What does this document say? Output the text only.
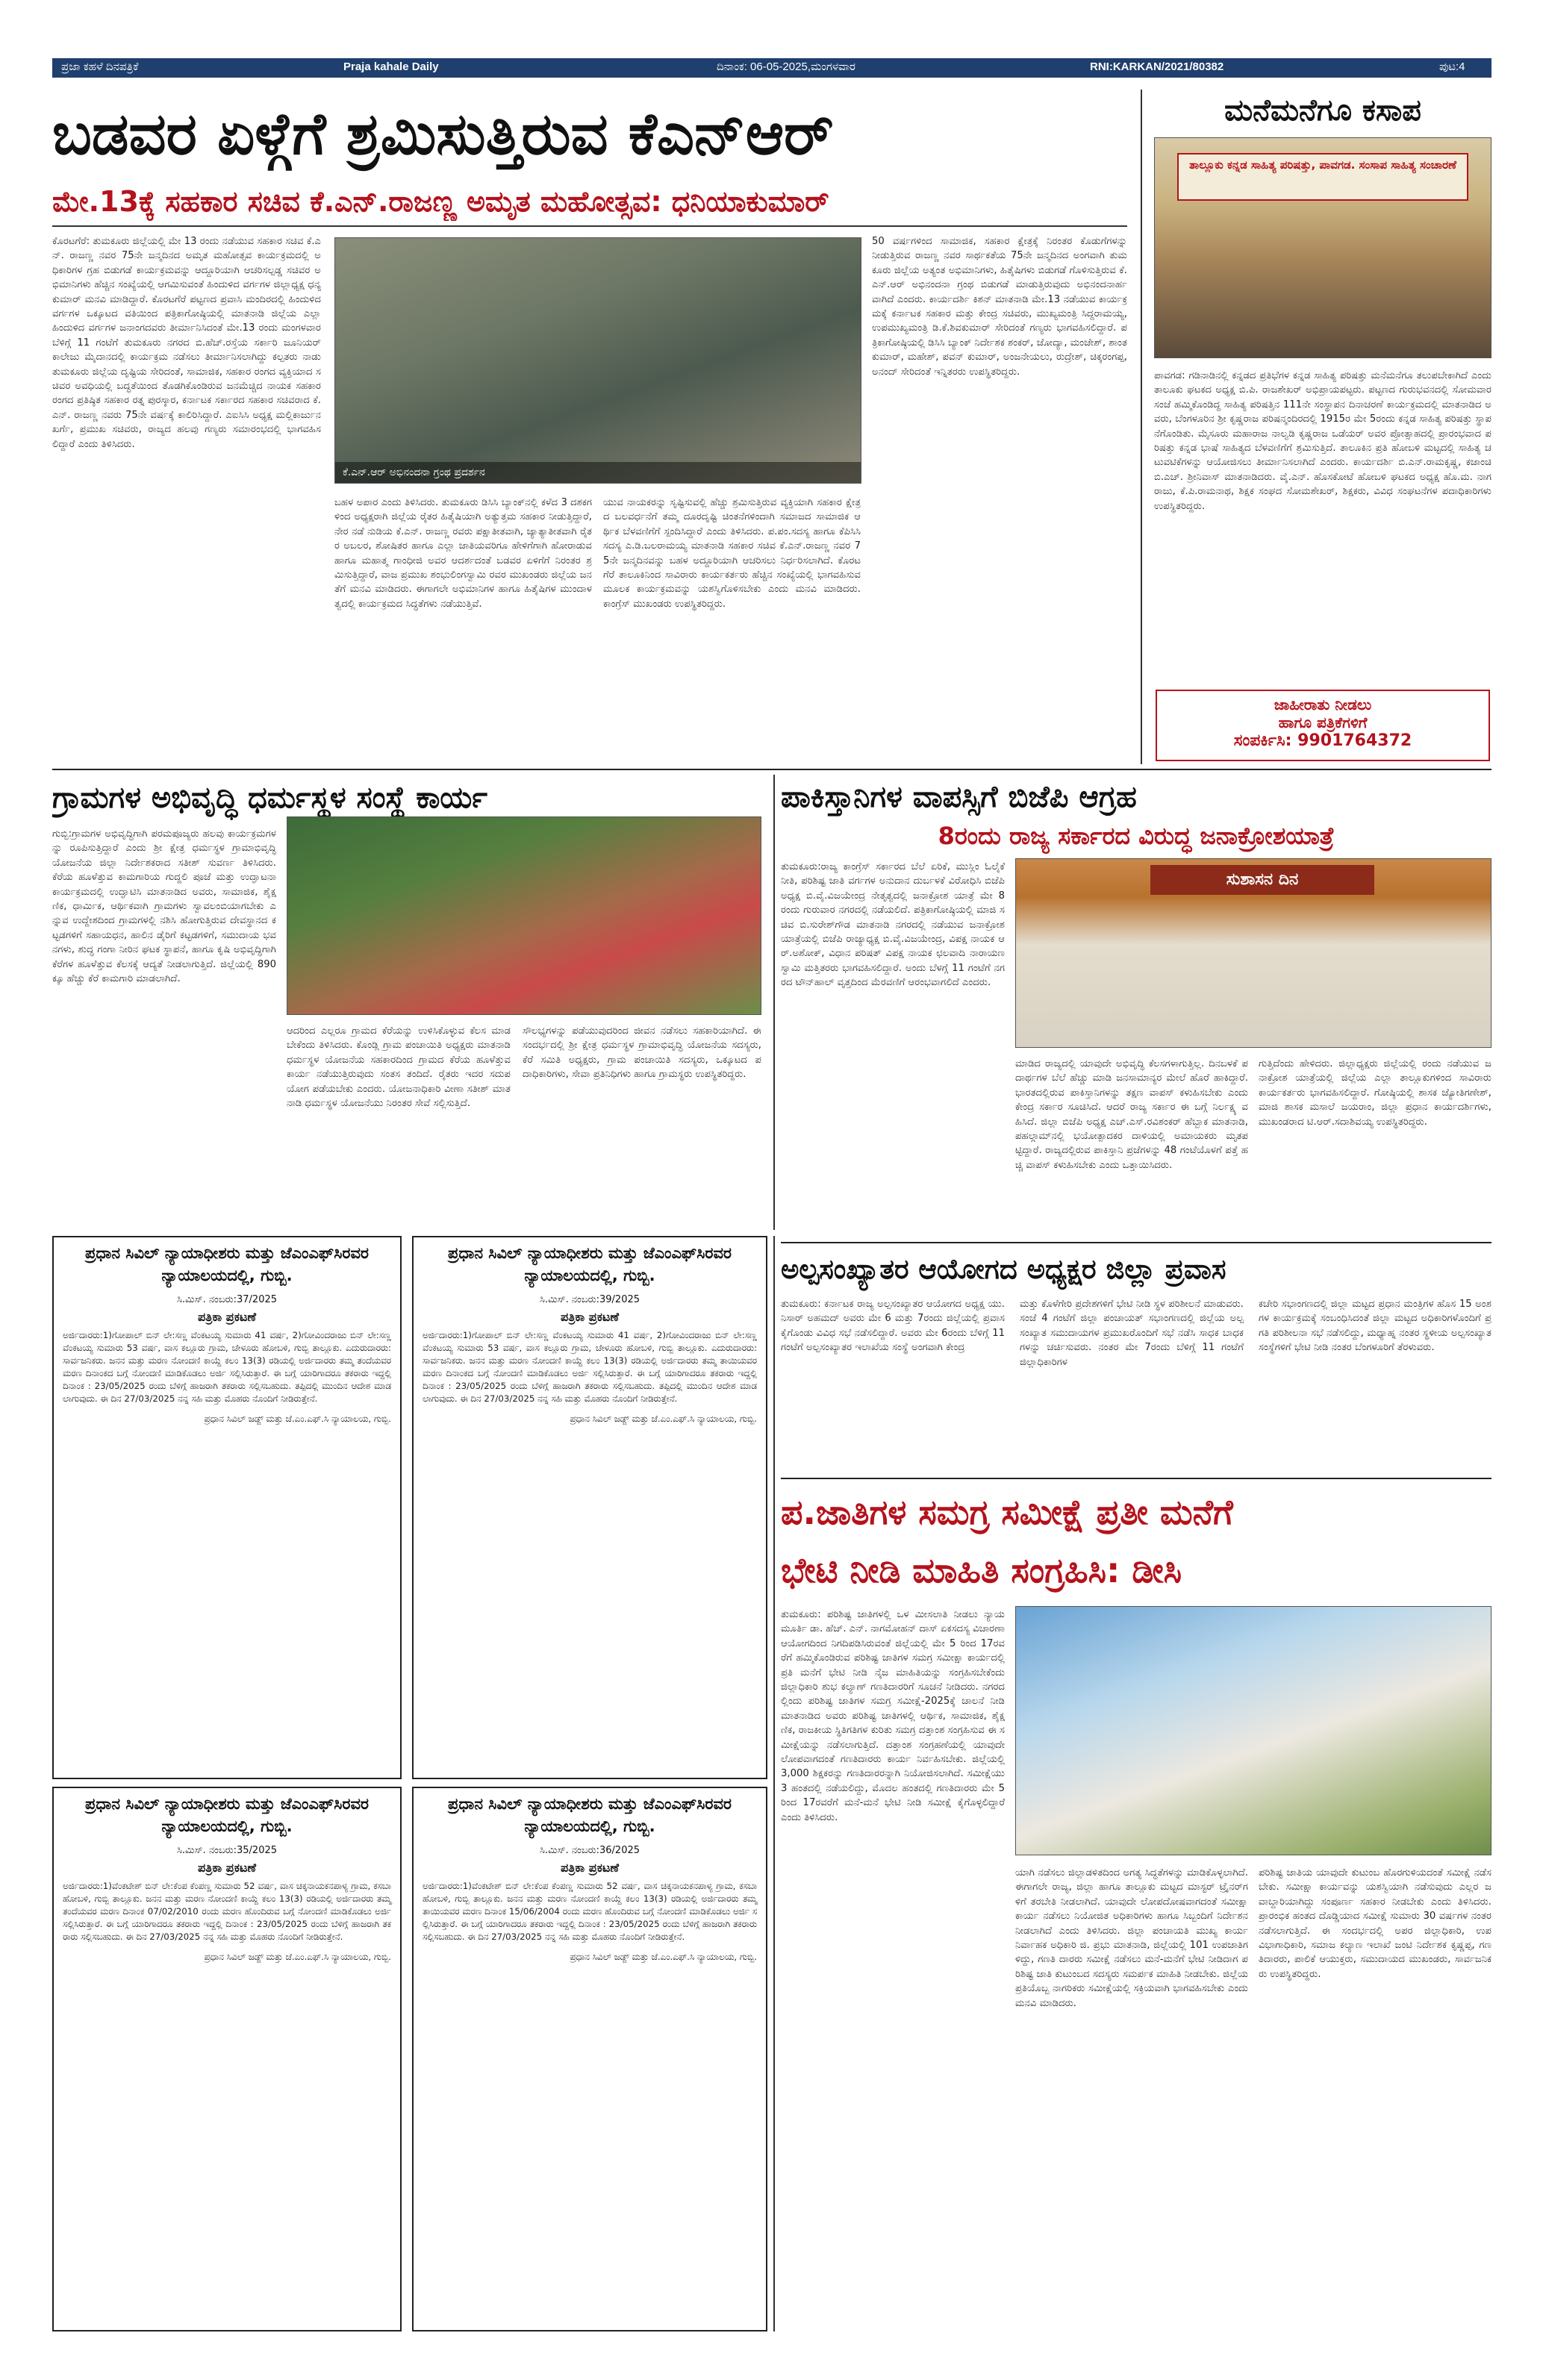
ಪ್ರಜಾ ಕಹಳೆ ದಿನಪತ್ರಿಕೆ	Praja kahale Daily	ದಿನಾಂಕ: 06-05-2025,ಮಂಗಳವಾರ	RNI:KARKAN/2021/80382	ಪುಟ:4
ಬಡವರ ಏಳ್ಗೆಗೆ ಶ್ರಮಿಸುತ್ತಿರುವ ಕೆಎನ್‌ಆರ್
ಮೇ.13ಕ್ಕೆ ಸಹಕಾರ ಸಚಿವ ಕೆ.ಎನ್.ರಾಜಣ್ಣ ಅಮೃತ ಮಹೋತ್ಸವ: ಧನಿಯಾಕುಮಾರ್
ಕೊರಟಗೆರೆ: ತುಮಕೂರು ಜಿಲ್ಲೆಯಲ್ಲಿ ಮೇ 13 ರಂದು ನಡೆಯುವ ಸಹಕಾರ ಸಚಿವ ಕೆ.ಎನ್. ರಾಜಣ್ಣ ನವರ 75ನೇ ಜನ್ಮದಿನದ ಅಮೃತ ಮಹೋತ್ಸವ ಕಾರ್ಯಕ್ರಮದಲ್ಲಿ ಅಧಿಕಾರಿಗಳ ಗ್ರಹ ಬಿಡುಗಡೆ ಕಾರ್ಯಕ್ರಮವನ್ನು ಆದ್ದೂರಿಯಾಗಿ ಆಚರಿಸಲ್ಪಡ್ಡ ಸಚಿವರ ಅಭಿಮಾನಿಗಳು ಹೆಚ್ಚಿನ ಸಂಖ್ಯೆಯಲ್ಲಿ ಆಗಮಿಸುವಂತೆ ಹಿಂದುಳಿದ ವರ್ಗಗಳ ಜಿಲ್ಲಾಧ್ಯಕ್ಷ ಧನ್ಯ ಕುಮಾರ್ ಮನವಿ ಮಾಡಿದ್ದಾರೆ. ಕೊರಟಗೆರೆ ಪಟ್ಟಣದ ಪ್ರವಾಸಿ ಮಂದಿರದಲ್ಲಿ ಹಿಂದುಳಿದ ವರ್ಗಗಳ ಒಕ್ಕೂಟದ ವತಿಯಿಂದ ಪತ್ರಿಕಾಗೋಷ್ಠಿಯಲ್ಲಿ ಮಾತನಾಡಿ ಜಿಲ್ಲೆಯ ಎಲ್ಲಾ ಹಿಂದುಳಿದ ವರ್ಗಗಳ ಜನಾಂಗದವರು ತೀರ್ಮಾನಿಸಿದಂತೆ ಮೇ.13 ರಂದು ಮಂಗಳವಾರ ಬೆಳಿಗ್ಗೆ 11 ಗಂಟೆಗೆ ತುಮಕೂರು ನಗರದ ಬಿ.ಹೆಚ್.ರಸ್ತೆಯ ಸರ್ಕಾರಿ ಜೂನಿಯರ್ ಕಾಲೇಜು ಮೈದಾನದಲ್ಲಿ ಕಾರ್ಯಕ್ರಮ ನಡೆಸಲು ತೀರ್ಮಾನಿಸಲಾಗಿದ್ದು ಕಲ್ಪತರು ನಾಡು ತುಮಕೂರು ಜಿಲ್ಲೆಯ ದೃಷ್ಟಿಯ ಸೇರಿದಂತೆ, ಸಾಮಾಜಿಕ, ಸಹಕಾರ ರಂಗದ ವ್ಯಕ್ತಿಯಾದ ಸಚಿವರ ಅವಧಿಯಲ್ಲಿ ಬದ್ಧತೆಯಿಂದ ತೊಡಗಿಕೊಂಡಿರುವ ಜನಮೆಚ್ಚಿದ ನಾಯಕ ಸಹಕಾರ ರಂಗದ ಪ್ರತಿಷ್ಠಿತ ಸಹಕಾರ ರತ್ನ ಪುರಸ್ಕಾರ, ಕರ್ನಾಟಕ ಸರ್ಕಾರದ ಸಹಕಾರ ಸಚಿವರಾದ ಕೆ.ಎನ್. ರಾಜಣ್ಣ ನವರು 75ನೇ ವರ್ಷಕ್ಕೆ ಕಾಲಿರಿಸಿದ್ದಾರೆ. ಎಐಸಿಸಿ ಅಧ್ಯಕ್ಷ ಮಲ್ಲಿಕಾರ್ಜುನ ಖರ್ಗೆ, ಪ್ರಮುಖ ಸಚಿವರು, ರಾಜ್ಯದ ಹಲವು ಗಣ್ಯರು ಸಮಾರಂಭದಲ್ಲಿ ಭಾಗವಹಿಸಲಿದ್ದಾರೆ ಎಂದು ತಿಳಿಸಿದರು.
ಕೆ.ಎನ್.ಆರ್ ಅಭಿನಂದನಾ ಗ್ರಂಥ ಪ್ರದರ್ಶನ
ಬಹಳ ಅಪಾರ ಎಂದು ತಿಳಿಸಿದರು. ತುಮಕೂರು ಡಿಸಿಸಿ ಬ್ಯಾಂಕ್‌ನಲ್ಲಿ ಕಳೆದ 3 ದಶಕಗಳಿಂದ ಅಧ್ಯಕ್ಷರಾಗಿ ಜಿಲ್ಲೆಯ ರೈತರ ಹಿತೈಷಿಯಾಗಿ ಅತ್ಯುತ್ತಮ ಸಹಕಾರ ನೀಡುತ್ತಿದ್ದಾರೆ, ನೇರ ನಡೆ ನುಡಿಯ ಕೆ.ಎನ್. ರಾಜಣ್ಣ ರವರು ಪಕ್ಷಾತೀತವಾಗಿ, ಜ್ಯಾತ್ಯಾತೀತವಾಗಿ ರೈತರ ಅಬಲರ, ಶೋಷಿತರ ಹಾಗೂ ಎಲ್ಲಾ ಜಾತಿಯವರಿಗೂ ಹೇಳಿಗೆಗಾಗಿ ಹೋರಾಡುವ ಹಾಗೂ ಮಹಾತ್ಮ ಗಾಂಧೀಜಿ ಅವರ ಆದರ್ಶದಂತೆ ಬಡವರ ಏಳಿಗೆಗೆ ನಿರಂತರ ಶ್ರಮಿಸುತ್ತಿದ್ದಾರೆ, ವಾಜ ಪ್ರಮುಖ ಶಂಭುಲಿಂಗಸ್ವಾಮಿ ರವರ ಮುಖಂಡರು ಜಿಲ್ಲೆಯ ಜನತೆಗೆ ಮನವಿ ಮಾಡಿದರು. ಈಗಾಗಲೇ ಅಭಿಮಾನಿಗಳ ಹಾಗೂ ಹಿತೈಷಿಗಳ ಮುಂದಾಳತ್ವದಲ್ಲಿ ಕಾರ್ಯಕ್ರಮದ ಸಿದ್ಧತೆಗಳು ನಡೆಯುತ್ತಿವೆ.
ಯುವ ನಾಯಕರನ್ನು ಸೃಷ್ಟಿಸುವಲ್ಲಿ ಹೆಚ್ಚು ಶ್ರಮಿಸುತ್ತಿರುವ ವ್ಯಕ್ತಿಯಾಗಿ ಸಹಕಾರ ಕ್ಷೇತ್ರದ ಬಲವರ್ಧನೆಗೆ ತಮ್ಮ ದೂರದೃಷ್ಟಿ ಚಿಂತನೆಗಳಿಂದಾಗಿ ಸಮಾಜದ ಸಾಮಾಜಿಕ ಆರ್ಥಿಕ ಬೆಳವಣಿಗೆಗೆ ಸ್ಪಂದಿಸಿದ್ದಾರೆ ಎಂದು ತಿಳಿಸಿದರು. ಪ.ಪಂ.ಸದಸ್ಯ ಹಾಗೂ ಕೆಪಿಸಿಸಿ ಸದಸ್ಯ ಎ.ಡಿ.ಬಲರಾಮಯ್ಯ ಮಾತನಾಡಿ ಸಹಕಾರ ಸಚಿವ ಕೆ.ಎನ್.ರಾಜಣ್ಣ ನವರ 75ನೇ ಜನ್ಮದಿನವನ್ನು ಬಹಳ ಅದ್ದೂರಿಯಾಗಿ ಆಚರಿಸಲು ನಿರ್ಧರಿಸಲಾಗಿದೆ. ಕೊರಟಗೆರೆ ತಾಲೂಕಿನಿಂದ ಸಾವಿರಾರು ಕಾರ್ಯಕರ್ತರು ಹೆಚ್ಚಿನ ಸಂಖ್ಯೆಯಲ್ಲಿ ಭಾಗವಹಿಸುವ ಮೂಲಕ ಕಾರ್ಯಕ್ರಮವನ್ನು ಯಶಸ್ವಿಗೊಳಿಸಬೇಕು ಎಂದು ಮನವಿ ಮಾಡಿದರು. ಕಾಂಗ್ರೆಸ್ ಮುಖಂಡರು ಉಪಸ್ಥಿತರಿದ್ದರು.
50 ವರ್ಷಗಳಿಂದ ಸಾಮಾಜಿಕ, ಸಹಕಾರ ಕ್ಷೇತ್ರಕ್ಕೆ ನಿರಂತರ ಕೊಡುಗೆಗಳನ್ನು ನೀಡುತ್ತಿರುವ ರಾಜಣ್ಣ ನವರ ಸಾರ್ಥಕತೆಯ 75ನೇ ಜನ್ಮದಿನದ ಅಂಗವಾಗಿ ತುಮಕೂರು ಜಿಲ್ಲೆಯ ಅತ್ಯಂತ ಅಭಿಮಾನಿಗಳು, ಹಿತೈಷಿಗಳು ಬಿಡುಗಡೆ ಗೊಳಿಸುತ್ತಿರುವ ಕೆ.ಎನ್.ಆರ್ ಅಭಿನಂದನಾ ಗ್ರಂಥ ಬಿಡುಗಡೆ ಮಾಡುತ್ತಿರುವುದು ಅಭಿನಂದನಾರ್ಹವಾಗಿದೆ ಎಂದರು. ಕಾರ್ಯದರ್ಶಿ ಕಿಶನ್ ಮಾತನಾಡಿ ಮೇ.13 ನಡೆಯುವ ಕಾರ್ಯಕ್ರಮಕ್ಕೆ ಕರ್ನಾಟಕ ಸಹಕಾರ ಮತ್ತು ಕೇಂದ್ರ ಸಚಿವರು, ಮುಖ್ಯಮಂತ್ರಿ ಸಿದ್ದರಾಮಯ್ಯ, ಉಪಮುಖ್ಯಮಂತ್ರಿ ಡಿ.ಕೆ.ಶಿವಕುಮಾರ್ ಸೇರಿದಂತೆ ಗಣ್ಯರು ಭಾಗವಹಿಸಲಿದ್ದಾರೆ. ಪತ್ರಿಕಾಗೋಷ್ಠಿಯಲ್ಲಿ ಡಿಸಿಸಿ ಬ್ಯಾಂಕ್ ನಿರ್ದೇಶಕ ಶಂಕರ್, ಜೋದ್ಯಾ, ಮಂಜೇಶ್, ಶಾಂತ ಕುಮಾರ್, ಮಹೇಶ್, ಪವನ್ ಕುಮಾರ್, ಅಂಜನೇಯಲು, ರುದ್ರೇಶ್, ಚಿಕ್ಕರಂಗಪ್ಪ, ಅನಂದ್ ಸೇರಿದಂತೆ ಇನ್ನಿತರರು ಉಪಸ್ಥಿತರಿದ್ದರು.
ಮನೆಮನೆಗೂ ಕಸಾಪ
ತಾಲ್ಲೂಕು ಕನ್ನಡ ಸಾಹಿತ್ಯ ಪರಿಷತ್ತು, ಪಾವಗಡ. ಸಂಸಾಪ ಸಾಹಿತ್ಯ ಸಂಚಾರಣೆ
ಪಾವಗಡ: ಗಡಿನಾಡಿನಲ್ಲಿ ಕನ್ನಡದ ಪ್ರತಿಭೆಗಳ ಕನ್ನಡ ಸಾಹಿತ್ಯ ಪರಿಷತ್ತು ಮನೆಮನೆಗೂ ತಲುಪಬೇಕಾಗಿದೆ ಎಂದು ತಾಲೂಕು ಘಟಕದ ಅಧ್ಯಕ್ಷ ಬಿ.ಪಿ. ರಾಜಶೇಖರ್ ಅಭಿಪ್ರಾಯಪಟ್ಟರು. ಪಟ್ಟಣದ ಗುರುಭವನದಲ್ಲಿ ಸೋಮವಾರ ಸಂಜೆ ಹಮ್ಮಿಕೊಂಡಿದ್ದ ಸಾಹಿತ್ಯ ಪರಿಷತ್ತಿನ 111ನೇ ಸಂಸ್ಥಾಪನ ದಿನಾಚರಣೆ ಕಾರ್ಯಕ್ರಮದಲ್ಲಿ ಮಾತನಾಡಿದ ಅವರು, ಬೆಂಗಳೂರಿನ ಶ್ರೀ ಕೃಷ್ಣರಾಜ ಪರಿಷನ್ಮಂದಿರದಲ್ಲಿ 1915ರ ಮೇ 5ರಂದು ಕನ್ನಡ ಸಾಹಿತ್ಯ ಪರಿಷತ್ತು ಸ್ಥಾಪನೆಗೊಂಡಿತು. ಮೈಸೂರು ಮಹಾರಾಜ ನಾಲ್ವಡಿ ಕೃಷ್ಣರಾಜ ಒಡೆಯರ್ ಅವರ ಪ್ರೋತ್ಸಾಹದಲ್ಲಿ ಪ್ರಾರಂಭವಾದ ಪರಿಷತ್ತು ಕನ್ನಡ ಭಾಷೆ ಸಾಹಿತ್ಯದ ಬೆಳವಣಿಗೆಗೆ ಶ್ರಮಿಸುತ್ತಿದೆ. ತಾಲೂಕಿನ ಪ್ರತಿ ಹೋಬಳಿ ಮಟ್ಟದಲ್ಲಿ ಸಾಹಿತ್ಯ ಚಟುವಟಿಕೆಗಳನ್ನು ಆಯೋಜಿಸಲು ತೀರ್ಮಾನಿಸಲಾಗಿದೆ ಎಂದರು. ಕಾರ್ಯದರ್ಶಿ ಬಿ.ಎನ್.ರಾಮಕೃಷ್ಣ, ಕಜಾಂಚಿ ಬಿ.ಎಚ್. ಶ್ರೀನಿವಾಸ್ ಮಾತನಾಡಿದರು. ವೈ.ಎನ್. ಹೊಸಕೋಟೆ ಹೋಬಳಿ ಘಟಕದ ಅಧ್ಯಕ್ಷ ಹೊ.ಮ. ನಾಗರಾಜು, ಕೆ.ಪಿ.ರಾಮನಾಥ, ಶಿಕ್ಷಕ ಸಂಘದ ಸೋಮಶೇಖರ್, ಶಿಕ್ಷಕರು, ವಿವಿಧ ಸಂಘಟನೆಗಳ ಪದಾಧಿಕಾರಿಗಳು ಉಪಸ್ಥಿತರಿದ್ದರು.
ಜಾಹೀರಾತು ನೀಡಲು
ಹಾಗೂ ಪತ್ರಿಕೆಗಳಿಗೆ
ಸಂಪರ್ಕಿಸಿ: 9901764372
ಗ್ರಾಮಗಳ ಅಭಿವೃದ್ಧಿ ಧರ್ಮಸ್ಥಳ ಸಂಸ್ಥೆ ಕಾರ್ಯ
ಗುಬ್ಬಿ:ಗ್ರಾಮಗಳ ಅಭಿವೃದ್ಧಿಗಾಗಿ ಪರಮಪೂಜ್ಯರು ಹಲವು ಕಾರ್ಯಕ್ರಮಗಳನ್ನು ರೂಪಿಸುತ್ತಿದ್ದಾರೆ ಎಂದು ಶ್ರೀ ಕ್ಷೇತ್ರ ಧರ್ಮಸ್ಥಳ ಗ್ರಾಮಾಭಿವೃದ್ಧಿ ಯೋಜನೆಯ ಜಿಲ್ಲಾ ನಿರ್ದೇಶಕರಾದ ಸತೀಶ್ ಸುವರ್ಣ ತಿಳಿಸಿದರು. ಕೆರೆಯ ಹೂಳೆತ್ತುವ ಕಾಮಗಾರಿಯ ಗುದ್ದಲಿ ಪೂಜೆ ಮತ್ತು ಉದ್ಘಾಟನಾ ಕಾರ್ಯಕ್ರಮದಲ್ಲಿ ಉದ್ಘಾಟಿಸಿ ಮಾತನಾಡಿದ ಅವರು, ಸಾಮಾಜಿಕ, ಶೈಕ್ಷಣಿಕ, ಧಾರ್ಮಿಕ, ಆರ್ಥಿಕವಾಗಿ ಗ್ರಾಮಗಳು ಸ್ವಾವಲಂಬಿಯಾಗಬೇಕು ಎನ್ನುವ ಉದ್ದೇಶದಿಂದ ಗ್ರಾಮಗಳಲ್ಲಿ ನಶಿಸಿ ಹೋಗುತ್ತಿರುವ ದೇವಸ್ಥಾನದ ಕಟ್ಟಡಗಳಿಗೆ ಸಹಾಯಧನ, ಹಾಲಿನ ಡೈರಿಗೆ ಕಟ್ಟಡಗಳಿಗೆ, ಸಮುದಾಯ ಭವನಗಳು, ಶುದ್ಧ ಗಂಗಾ ನೀರಿನ ಘಟಕ ಸ್ಥಾಪನೆ, ಹಾಗೂ ಕೃಷಿ ಅಭಿವೃದ್ಧಿಗಾಗಿ ಕೆರೆಗಳ ಹೂಳೆತ್ತುವ ಕೆಲಸಕ್ಕೆ ಆದ್ಯತೆ ನೀಡಲಾಗುತ್ತಿದೆ. ಜಿಲ್ಲೆಯಲ್ಲಿ 890 ಕ್ಕೂ ಹೆಚ್ಚು ಕೆರೆ ಕಾಮಗಾರಿ ಮಾಡಲಾಗಿದೆ.
ಆದರಿಂದ ಎಲ್ಲರೂ ಗ್ರಾಮದ ಕೆರೆಯನ್ನು ಉಳಿಸಿಕೊಳ್ಳುವ ಕೆಲಸ ಮಾಡಬೇಕೆಂದು ತಿಳಿಸಿದರು. ಕೊಂಡ್ಲಿ ಗ್ರಾಮ ಪಂಚಾಯಿತಿ ಅಧ್ಯಕ್ಷರು ಮಾತನಾಡಿ ಧರ್ಮಸ್ಥಳ ಯೋಜನೆಯ ಸಹಕಾರದಿಂದ ಗ್ರಾಮದ ಕೆರೆಯ ಹೂಳೆತ್ತುವ ಕಾರ್ಯ ನಡೆಯುತ್ತಿರುವುದು ಸಂತಸ ತಂದಿದೆ. ರೈತರು ಇದರ ಸದುಪಯೋಗ ಪಡೆಯಬೇಕು ಎಂದರು. ಯೋಜನಾಧಿಕಾರಿ ವೀಣಾ ಸತೀಶ್ ಮಾತನಾಡಿ ಧರ್ಮಸ್ಥಳ ಯೋಜನೆಯು ನಿರಂತರ ಸೇವೆ ಸಲ್ಲಿಸುತ್ತಿದೆ.
ಸೌಲಭ್ಯಗಳನ್ನು ಪಡೆಯುವುದರಿಂದ ಜೀವನ ನಡೆಸಲು ಸಹಕಾರಿಯಾಗಿದೆ. ಈ ಸಂದರ್ಭದಲ್ಲಿ ಶ್ರೀ ಕ್ಷೇತ್ರ ಧರ್ಮಸ್ಥಳ ಗ್ರಾಮಾಭಿವೃದ್ಧಿ ಯೋಜನೆಯ ಸದಸ್ಯರು, ಕೆರೆ ಸಮಿತಿ ಅಧ್ಯಕ್ಷರು, ಗ್ರಾಮ ಪಂಚಾಯಿತಿ ಸದಸ್ಯರು, ಒಕ್ಕೂಟದ ಪದಾಧಿಕಾರಿಗಳು, ಸೇವಾ ಪ್ರತಿನಿಧಿಗಳು ಹಾಗೂ ಗ್ರಾಮಸ್ಥರು ಉಪಸ್ಥಿತರಿದ್ದರು.
ಪಾಕಿಸ್ತಾನಿಗಳ ವಾಪಸ್ಸಿಗೆ ಬಿಜೆಪಿ ಆಗ್ರಹ
8ರಂದು ರಾಜ್ಯ ಸರ್ಕಾರದ ವಿರುದ್ಧ ಜನಾಕ್ರೋಶಯಾತ್ರೆ
ತುಮಕೂರು:ರಾಜ್ಯ ಕಾಂಗ್ರೆಸ್ ಸರ್ಕಾರದ ಬೆಲೆ ಏರಿಕೆ, ಮುಸ್ಲಿಂ ಓಲೈಕೆ ನೀತಿ, ಪರಿಶಿಷ್ಟ ಜಾತಿ ವರ್ಗಗಳ ಅನುದಾನ ದುರ್ಬಳಕೆ ವಿರೋಧಿಸಿ ಬಿಜೆಪಿ ಅಧ್ಯಕ್ಷ ಬಿ.ವೈ.ವಿಜಯೇಂದ್ರ ನೇತೃತ್ವದಲ್ಲಿ ಜನಾಕ್ರೋಶ ಯಾತ್ರೆ ಮೇ 8ರಂದು ಗುರುವಾರ ನಗರದಲ್ಲಿ ನಡೆಯಲಿದೆ. ಪತ್ರಿಕಾಗೋಷ್ಠಿಯಲ್ಲಿ ಮಾಜಿ ಸಚಿವ ಬಿ.ಸುರೇಶ್‌ಗೌಡ ಮಾತನಾಡಿ ನಗರದಲ್ಲಿ ನಡೆಯುವ ಜನಾಕ್ರೋಶ ಯಾತ್ರೆಯಲ್ಲಿ ಬಿಜೆಪಿ ರಾಜ್ಯಾಧ್ಯಕ್ಷ ಬಿ.ವೈ.ವಿಜಯೇಂದ್ರ, ವಿಪಕ್ಷ ನಾಯಕ ಆರ್.ಅಶೋಕ್, ವಿಧಾನ ಪರಿಷತ್ ವಿಪಕ್ಷ ನಾಯಕ ಛಲವಾದಿ ನಾರಾಯಣಸ್ವಾಮಿ ಮತ್ತಿತರರು ಭಾಗವಹಿಸಲಿದ್ದಾರೆ. ಅಂದು ಬೆಳಗ್ಗೆ 11 ಗಂಟೆಗೆ ನಗರದ ಟೌನ್‌ಹಾಲ್ ವೃತ್ತದಿಂದ ಮೆರವಣಿಗೆ ಆರಂಭವಾಗಲಿದೆ ಎಂದರು.
ಸುಶಾಸನ ದಿನ
ಮಾಡಿದ ರಾಜ್ಯದಲ್ಲಿ ಯಾವುದೇ ಅಭಿವೃದ್ಧಿ ಕೆಲಸಗಳಾಗುತ್ತಿಲ್ಲ. ದಿನಬಳಕೆ ಪದಾರ್ಥಗಳ ಬೆಲೆ ಹೆಚ್ಚು ಮಾಡಿ ಜನಸಾಮಾನ್ಯರ ಮೇಲೆ ಹೊರೆ ಹಾಕಿದ್ದಾರೆ. ಭಾರತದಲ್ಲಿರುವ ಪಾಕಿಸ್ತಾನಿಗಳನ್ನು ತಕ್ಷಣ ವಾಪಸ್ ಕಳುಹಿಸಬೇಕು ಎಂದು ಕೇಂದ್ರ ಸರ್ಕಾರ ಸೂಚಿಸಿದೆ. ಆದರೆ ರಾಜ್ಯ ಸರ್ಕಾರ ಈ ಬಗ್ಗೆ ನಿರ್ಲಕ್ಷ್ಯ ವಹಿಸಿದೆ. ಜಿಲ್ಲಾ ಬಿಜೆಪಿ ಅಧ್ಯಕ್ಷ ಎಚ್.ಎಸ್.ರವಿಶಂಕರ್ ಹೆಬ್ಬಾಕ ಮಾತನಾಡಿ, ಪಹಲ್ಗಾಮ್‌ನಲ್ಲಿ ಭಯೋತ್ಪಾದಕರ ದಾಳಿಯಲ್ಲಿ ಅಮಾಯಕರು ಮೃತಪಟ್ಟಿದ್ದಾರೆ. ರಾಜ್ಯದಲ್ಲಿರುವ ಪಾಕಿಸ್ತಾನಿ ಪ್ರಜೆಗಳನ್ನು 48 ಗಂಟೆಯೊಳಗೆ ಪತ್ತೆ ಹಚ್ಚಿ ವಾಪಸ್ ಕಳುಹಿಸಬೇಕು ಎಂದು ಒತ್ತಾಯಿಸಿದರು.
ಗುತ್ತಿದೆಂದು ಹೇಳಿದರು. ಜಿಲ್ಲಾಧ್ಯಕ್ಷರು ಜಿಲ್ಲೆಯಲ್ಲಿ ರಂದು ನಡೆಯುವ ಜನಾಕ್ರೋಶ ಯಾತ್ರೆಯಲ್ಲಿ ಜಿಲ್ಲೆಯ ಎಲ್ಲಾ ತಾಲ್ಲೂಕುಗಳಿಂದ ಸಾವಿರಾರು ಕಾರ್ಯಕರ್ತರು ಭಾಗವಹಿಸಲಿದ್ದಾರೆ. ಗೋಷ್ಠಿಯಲ್ಲಿ ಶಾಸಕ ಜ್ಯೋತಿಗಣೇಶ್, ಮಾಜಿ ಶಾಸಕ ಮಸಾಲೆ ಜಯರಾಂ, ಜಿಲ್ಲಾ ಪ್ರಧಾನ ಕಾರ್ಯದರ್ಶಿಗಳು, ಮುಖಂಡರಾದ ಟಿ.ಆರ್.ಸದಾಶಿವಯ್ಯ ಉಪಸ್ಥಿತರಿದ್ದರು.
ಪ್ರಧಾನ ಸಿವಿಲ್ ನ್ಯಾಯಾಧೀಶರು ಮತ್ತು ಜೆಎಂಎಫ್‌ಸಿರವರ ನ್ಯಾಯಾಲಯದಲ್ಲಿ, ಗುಬ್ಬಿ.
ಸಿ.ಮಿಸ್. ನಂಬರು:37/2025
ಪತ್ರಿಕಾ ಪ್ರಕಟಣೆ
ಅರ್ಜಿದಾರರು:1)ಗೋಪಾಲ್ ಬಿನ್ ಲೇ:ಸಣ್ಣ ವೆಂಕಟಯ್ಯ ಸುಮಾರು 41 ವರ್ಷ, 2)ಗೋವಿಂದರಾಜು ಬಿನ್ ಲೇ:ಸಣ್ಣ ವೆಂಕಟಯ್ಯ ಸುಮಾರು 53 ವರ್ಷ, ವಾಸ ಕಲ್ಲೂರು ಗ್ರಾಮ, ಚೇಳೂರು ಹೋಬಳಿ, ಗುಬ್ಬಿ ತಾಲ್ಲೂಕು. ಎದುರುದಾರರು: ಸಾರ್ವಜನಿಕರು. ಜನನ ಮತ್ತು ಮರಣ ನೋಂದಣಿ ಕಾಯ್ದೆ ಕಲಂ 13(3) ರಡಿಯಲ್ಲಿ ಅರ್ಜಿದಾರರು ತಮ್ಮ ತಂದೆಯವರ ಮರಣ ದಿನಾಂಕದ ಬಗ್ಗೆ ನೋಂದಣಿ ಮಾಡಿಕೊಡಲು ಅರ್ಜಿ ಸಲ್ಲಿಸಿರುತ್ತಾರೆ. ಈ ಬಗ್ಗೆ ಯಾರಿಗಾದರೂ ತಕರಾರು ಇದ್ದಲ್ಲಿ ದಿನಾಂಕ : 23/05/2025 ರಂದು ಬೆಳಿಗ್ಗೆ ಹಾಜರಾಗಿ ತಕರಾರು ಸಲ್ಲಿಸಬಹುದು. ತಪ್ಪಿದಲ್ಲಿ ಮುಂದಿನ ಆದೇಶ ಮಾಡಲಾಗುವುದು. ಈ ದಿನ 27/03/2025 ನನ್ನ ಸಹಿ ಮತ್ತು ಮೊಹರು ನೊಂದಿಗೆ ನೀಡಿರುತ್ತೇನೆ.
ಪ್ರಧಾನ ಸಿವಿಲ್ ಜಡ್ಜ್ ಮತ್ತು ಜೆ.ಎಂ.ಎಫ್.ಸಿ ನ್ಯಾಯಾಲಯ, ಗುಬ್ಬಿ.
ಪ್ರಧಾನ ಸಿವಿಲ್ ನ್ಯಾಯಾಧೀಶರು ಮತ್ತು ಜೆಎಂಎಫ್‌ಸಿರವರ ನ್ಯಾಯಾಲಯದಲ್ಲಿ, ಗುಬ್ಬಿ.
ಸಿ.ಮಿಸ್. ನಂಬರು:39/2025
ಪತ್ರಿಕಾ ಪ್ರಕಟಣೆ
ಅರ್ಜಿದಾರರು:1)ಗೋಪಾಲ್ ಬಿನ್ ಲೇ:ಸಣ್ಣ ವೆಂಕಟಯ್ಯ ಸುಮಾರು 41 ವರ್ಷ, 2)ಗೋವಿಂದರಾಜು ಬಿನ್ ಲೇ:ಸಣ್ಣ ವೆಂಕಟಯ್ಯ ಸುಮಾರು 53 ವರ್ಷ, ವಾಸ ಕಲ್ಲೂರು ಗ್ರಾಮ, ಚೇಳೂರು ಹೋಬಳಿ, ಗುಬ್ಬಿ ತಾಲ್ಲೂಕು. ಎದುರುದಾರರು: ಸಾರ್ವಜನಿಕರು. ಜನನ ಮತ್ತು ಮರಣ ನೋಂದಣಿ ಕಾಯ್ದೆ ಕಲಂ 13(3) ರಡಿಯಲ್ಲಿ ಅರ್ಜಿದಾರರು ತಮ್ಮ ತಾಯಿಯವರ ಮರಣ ದಿನಾಂಕದ ಬಗ್ಗೆ ನೋಂದಣಿ ಮಾಡಿಕೊಡಲು ಅರ್ಜಿ ಸಲ್ಲಿಸಿರುತ್ತಾರೆ. ಈ ಬಗ್ಗೆ ಯಾರಿಗಾದರೂ ತಕರಾರು ಇದ್ದಲ್ಲಿ ದಿನಾಂಕ : 23/05/2025 ರಂದು ಬೆಳಿಗ್ಗೆ ಹಾಜರಾಗಿ ತಕರಾರು ಸಲ್ಲಿಸಬಹುದು. ತಪ್ಪಿದಲ್ಲಿ ಮುಂದಿನ ಆದೇಶ ಮಾಡಲಾಗುವುದು. ಈ ದಿನ 27/03/2025 ನನ್ನ ಸಹಿ ಮತ್ತು ಮೊಹರು ನೊಂದಿಗೆ ನೀಡಿರುತ್ತೇನೆ.
ಪ್ರಧಾನ ಸಿವಿಲ್ ಜಡ್ಜ್ ಮತ್ತು ಜೆ.ಎಂ.ಎಫ್.ಸಿ ನ್ಯಾಯಾಲಯ, ಗುಬ್ಬಿ.
ಪ್ರಧಾನ ಸಿವಿಲ್ ನ್ಯಾಯಾಧೀಶರು ಮತ್ತು ಜೆಎಂಎಫ್‌ಸಿರವರ ನ್ಯಾಯಾಲಯದಲ್ಲಿ, ಗುಬ್ಬಿ.
ಸಿ.ಮಿಸ್. ನಂಬರು:35/2025
ಪತ್ರಿಕಾ ಪ್ರಕಟಣೆ
ಅರ್ಜಿದಾರರು:1)ವೆಂಕಟೇಶ್ ಬಿನ್ ಲೇ:ಕೆಂಪ ಕೆಂಪಣ್ಣ ಸುಮಾರು 52 ವರ್ಷ, ವಾಸ ಚಿಕ್ಕನಾಯಕನಪಾಳ್ಯ ಗ್ರಾಮ, ಕಸಬಾ ಹೋಬಳಿ, ಗುಬ್ಬಿ ತಾಲ್ಲೂಕು. ಜನನ ಮತ್ತು ಮರಣ ನೋಂದಣಿ ಕಾಯ್ದೆ ಕಲಂ 13(3) ರಡಿಯಲ್ಲಿ ಅರ್ಜಿದಾರರು ತಮ್ಮ ತಂದೆಯವರ ಮರಣ ದಿನಾಂಕ 07/02/2010 ರಂದು ಮರಣ ಹೊಂದಿರುವ ಬಗ್ಗೆ ನೋಂದಣಿ ಮಾಡಿಕೊಡಲು ಅರ್ಜಿ ಸಲ್ಲಿಸಿರುತ್ತಾರೆ. ಈ ಬಗ್ಗೆ ಯಾರಿಗಾದರೂ ತಕರಾರು ಇದ್ದಲ್ಲಿ ದಿನಾಂಕ : 23/05/2025 ರಂದು ಬೆಳಿಗ್ಗೆ ಹಾಜರಾಗಿ ತಕರಾರು ಸಲ್ಲಿಸಬಹುದು. ಈ ದಿನ 27/03/2025 ನನ್ನ ಸಹಿ ಮತ್ತು ಮೊಹರು ನೊಂದಿಗೆ ನೀಡಿರುತ್ತೇನೆ.
ಪ್ರಧಾನ ಸಿವಿಲ್ ಜಡ್ಜ್ ಮತ್ತು ಜೆ.ಎಂ.ಎಫ್.ಸಿ ನ್ಯಾಯಾಲಯ, ಗುಬ್ಬಿ.
ಪ್ರಧಾನ ಸಿವಿಲ್ ನ್ಯಾಯಾಧೀಶರು ಮತ್ತು ಜೆಎಂಎಫ್‌ಸಿರವರ ನ್ಯಾಯಾಲಯದಲ್ಲಿ, ಗುಬ್ಬಿ.
ಸಿ.ಮಿಸ್. ನಂಬರು:36/2025
ಪತ್ರಿಕಾ ಪ್ರಕಟಣೆ
ಅರ್ಜಿದಾರರು:1)ವೆಂಕಟೇಶ್ ಬಿನ್ ಲೇ:ಕೆಂಪ ಕೆಂಪಣ್ಣ ಸುಮಾರು 52 ವರ್ಷ, ವಾಸ ಚಿಕ್ಕನಾಯಕನಪಾಳ್ಯ ಗ್ರಾಮ, ಕಸಬಾ ಹೋಬಳಿ, ಗುಬ್ಬಿ ತಾಲ್ಲೂಕು. ಜನನ ಮತ್ತು ಮರಣ ನೋಂದಣಿ ಕಾಯ್ದೆ ಕಲಂ 13(3) ರಡಿಯಲ್ಲಿ ಅರ್ಜಿದಾರರು ತಮ್ಮ ತಾಯಿಯವರ ಮರಣ ದಿನಾಂಕ 15/06/2004 ರಂದು ಮರಣ ಹೊಂದಿರುವ ಬಗ್ಗೆ ನೋಂದಣಿ ಮಾಡಿಕೊಡಲು ಅರ್ಜಿ ಸಲ್ಲಿಸಿರುತ್ತಾರೆ. ಈ ಬಗ್ಗೆ ಯಾರಿಗಾದರೂ ತಕರಾರು ಇದ್ದಲ್ಲಿ ದಿನಾಂಕ : 23/05/2025 ರಂದು ಬೆಳಿಗ್ಗೆ ಹಾಜರಾಗಿ ತಕರಾರು ಸಲ್ಲಿಸಬಹುದು. ಈ ದಿನ 27/03/2025 ನನ್ನ ಸಹಿ ಮತ್ತು ಮೊಹರು ನೊಂದಿಗೆ ನೀಡಿರುತ್ತೇನೆ.
ಪ್ರಧಾನ ಸಿವಿಲ್ ಜಡ್ಜ್ ಮತ್ತು ಜೆ.ಎಂ.ಎಫ್.ಸಿ ನ್ಯಾಯಾಲಯ, ಗುಬ್ಬಿ.
ಅಲ್ಪಸಂಖ್ಯಾತರ ಆಯೋಗದ ಅಧ್ಯಕ್ಷರ ಜಿಲ್ಲಾ ಪ್ರವಾಸ
ತುಮಕೂರು: ಕರ್ನಾಟಕ ರಾಜ್ಯ ಅಲ್ಪಸಂಖ್ಯಾತರ ಆಯೋಗದ ಅಧ್ಯಕ್ಷ ಯು. ನಿಸಾರ್ ಅಹಮದ್ ಅವರು ಮೇ 6 ಮತ್ತು 7ರಂದು ಜಿಲ್ಲೆಯಲ್ಲಿ ಪ್ರವಾಸ ಕೈಗೊಂಡು ವಿವಿಧ ಸಭೆ ನಡೆಸಲಿದ್ದಾರೆ. ಅವರು ಮೇ 6ರಂದು ಬೆಳಿಗ್ಗೆ 11 ಗಂಟೆಗೆ ಅಲ್ಪಸಂಖ್ಯಾತರ ಇಲಾಖೆಯ ಸಂಸ್ಥೆ ಅಂಗವಾಗಿ ಕೇಂದ್ರ
ಮತ್ತು ಕೊಳೆಗೇರಿ ಪ್ರದೇಶಗಳಿಗೆ ಭೇಟಿ ನೀಡಿ ಸ್ಥಳ ಪರಿಶೀಲನೆ ಮಾಡುವರು. ಸಂಜೆ 4 ಗಂಟೆಗೆ ಜಿಲ್ಲಾ ಪಂಚಾಯತ್ ಸಭಾಂಗಣದಲ್ಲಿ ಜಿಲ್ಲೆಯ ಅಲ್ಪಸಂಖ್ಯಾತ ಸಮುದಾಯಗಳ ಪ್ರಮುಖರೊಂದಿಗೆ ಸಭೆ ನಡೆಸಿ ಸಾಧಕ ಬಾಧಕಗಳನ್ನು ಚರ್ಚಿಸುವರು. ನಂತರ ಮೇ 7ರಂದು ಬೆಳಿಗ್ಗೆ 11 ಗಂಟೆಗೆ ಜಿಲ್ಲಾಧಿಕಾರಿಗಳ
ಕಚೇರಿ ಸಭಾಂಗಣದಲ್ಲಿ ಜಿಲ್ಲಾ ಮಟ್ಟದ ಪ್ರಧಾನ ಮಂತ್ರಿಗಳ ಹೊಸ 15 ಅಂಶಗಳ ಕಾರ್ಯಕ್ರಮಕ್ಕೆ ಸಂಬಂಧಿಸಿದಂತೆ ಜಿಲ್ಲಾ ಮಟ್ಟದ ಅಧಿಕಾರಿಗಳೊಂದಿಗೆ ಪ್ರಗತಿ ಪರಿಶೀಲನಾ ಸಭೆ ನಡೆಸಲಿದ್ದು, ಮಧ್ಯಾಹ್ನ ನಂತರ ಸ್ಥಳೀಯ ಅಲ್ಪಸಂಖ್ಯಾತ ಸಂಸ್ಥೆಗಳಿಗೆ ಭೇಟಿ ನೀಡಿ ನಂತರ ಬೆಂಗಳೂರಿಗೆ ತೆರಳುವರು.
ಪ.ಜಾತಿಗಳ ಸಮಗ್ರ ಸಮೀಕ್ಷೆ ಪ್ರತೀ ಮನೆಗೆ
ಭೇಟಿ ನೀಡಿ ಮಾಹಿತಿ ಸಂಗ್ರಹಿಸಿ: ಡೀಸಿ
ತುಮಕೂರು: ಪರಿಶಿಷ್ಟ ಜಾತಿಗಳಲ್ಲಿ ಒಳ ಮೀಸಲಾತಿ ನೀಡಲು ನ್ಯಾಯಮೂರ್ತಿ ಡಾ. ಹೆಚ್. ಎನ್. ನಾಗಮೋಹನ್ ದಾಸ್ ಏಕಸದಸ್ಯ ವಿಚಾರಣಾ ಆಯೋಗದಿಂದ ನಿಗದಿಪಡಿಸಿರುವಂತೆ ಜಿಲ್ಲೆಯಲ್ಲಿ ಮೇ 5 ರಿಂದ 17ರವರೆಗೆ ಹಮ್ಮಿಕೊಂಡಿರುವ ಪರಿಶಿಷ್ಟ ಜಾತಿಗಳ ಸಮಗ್ರ ಸಮೀಕ್ಷಾ ಕಾರ್ಯದಲ್ಲಿ ಪ್ರತಿ ಮನೆಗೆ ಭೇಟಿ ನೀಡಿ ನೈಜ ಮಾಹಿತಿಯನ್ನು ಸಂಗ್ರಹಿಸಬೇಕೆಂದು ಜಿಲ್ಲಾಧಿಕಾರಿ ಶುಭ ಕಲ್ಯಾಣ್ ಗಣತಿದಾರರಿಗೆ ಸೂಚನೆ ನೀಡಿದರು. ನಗರದಲ್ಲಿಂದು ಪರಿಶಿಷ್ಟ ಜಾತಿಗಳ ಸಮಗ್ರ ಸಮೀಕ್ಷೆ-2025ಕ್ಕೆ ಚಾಲನೆ ನೀಡಿ ಮಾತನಾಡಿದ ಅವರು ಪರಿಶಿಷ್ಟ ಜಾತಿಗಳಲ್ಲಿ ಆರ್ಥಿಕ, ಸಾಮಾಜಿಕ, ಶೈಕ್ಷಣಿಕ, ರಾಜಕೀಯ ಸ್ಥಿತಿಗತಿಗಳ ಕುರಿತು ಸಮಗ್ರ ದತ್ತಾಂಶ ಸಂಗ್ರಹಿಸುವ ಈ ಸಮೀಕ್ಷೆಯನ್ನು ನಡೆಸಲಾಗುತ್ತಿದೆ. ದತ್ತಾಂಶ ಸಂಗ್ರಹಣೆಯಲ್ಲಿ ಯಾವುದೇ ಲೋಪವಾಗದಂತೆ ಗಣತಿದಾರರು ಕಾರ್ಯ ನಿರ್ವಹಿಸಬೇಕು. ಜಿಲ್ಲೆಯಲ್ಲಿ 3,000 ಶಿಕ್ಷಕರನ್ನು ಗಣತಿದಾರರನ್ನಾಗಿ ನಿಯೋಜಿಸಲಾಗಿದೆ. ಸಮೀಕ್ಷೆಯು 3 ಹಂತದಲ್ಲಿ ನಡೆಯಲಿದ್ದು, ಮೊದಲ ಹಂತದಲ್ಲಿ ಗಣತಿದಾರರು ಮೇ 5 ರಿಂದ 17ರವರೆಗೆ ಮನೆ-ಮನೆ ಭೇಟಿ ನೀಡಿ ಸಮೀಕ್ಷೆ ಕೈಗೊಳ್ಳಲಿದ್ದಾರೆ ಎಂದು ತಿಳಿಸಿದರು.
ಯಾಗಿ ನಡೆಸಲು ಜಿಲ್ಲಾಡಳಿತದಿಂದ ಅಗತ್ಯ ಸಿದ್ಧತೆಗಳನ್ನು ಮಾಡಿಕೊಳ್ಳಲಾಗಿದೆ. ಈಗಾಗಲೇ ರಾಜ್ಯ, ಜಿಲ್ಲಾ ಹಾಗೂ ತಾಲ್ಲೂಕು ಮಟ್ಟದ ಮಾಸ್ಟರ್ ಟ್ರೈನರ್‌ಗಳಿಗೆ ತರಬೇತಿ ನೀಡಲಾಗಿದೆ. ಯಾವುದೇ ಲೋಪದೋಷವಾಗದಂತೆ ಸಮೀಕ್ಷಾ ಕಾರ್ಯ ನಡೆಸಲು ನಿಯೋಜಿತ ಅಧಿಕಾರಿಗಳು ಹಾಗೂ ಸಿಬ್ಬಂದಿಗೆ ನಿರ್ದೇಶನ ನೀಡಲಾಗಿದೆ ಎಂದು ತಿಳಿಸಿದರು. ಜಿಲ್ಲಾ ಪಂಚಾಯತಿ ಮುಖ್ಯ ಕಾರ್ಯನಿರ್ವಾಹಕ ಅಧಿಕಾರಿ ಜಿ. ಪ್ರಭು ಮಾತನಾಡಿ, ಜಿಲ್ಲೆಯಲ್ಲಿ 101 ಉಪಜಾತಿಗಳಿದ್ದು, ಗಣತಿ ದಾರರು ಸಮೀಕ್ಷೆ ನಡೆಸಲು ಮನೆ-ಮನೆಗೆ ಭೇಟಿ ನೀಡಿದಾಗ ಪರಿಶಿಷ್ಟ ಜಾತಿ ಕುಟುಂಬದ ಸದಸ್ಯರು ಸಮರ್ಪಕ ಮಾಹಿತಿ ನೀಡಬೇಕು. ಜಿಲ್ಲೆಯ ಪ್ರತಿಯೊಬ್ಬ ನಾಗರಿಕರು ಸಮೀಕ್ಷೆಯಲ್ಲಿ ಸಕ್ರಿಯವಾಗಿ ಭಾಗವಹಿಸಬೇಕು ಎಂದು ಮನವಿ ಮಾಡಿದರು.
ಪರಿಶಿಷ್ಟ ಜಾತಿಯ ಯಾವುದೇ ಕುಟುಂಬ ಹೊರಗುಳಿಯದಂತೆ ಸಮೀಕ್ಷೆ ನಡೆಸಬೇಕು. ಸಮೀಕ್ಷಾ ಕಾರ್ಯವನ್ನು ಯಶಸ್ವಿಯಾಗಿ ನಡೆಸುವುದು ಎಲ್ಲರ ಜವಾಬ್ದಾರಿಯಾಗಿದ್ದು ಸಂಪೂರ್ಣ ಸಹಕಾರ ನೀಡಬೇಕು ಎಂದು ತಿಳಿಸಿದರು. ಪ್ರಾರಂಭಿಕ ಹಂತದ ದೊಡ್ಡಿಯಾದ ಸಮೀಕ್ಷೆ ಸುಮಾರು 30 ವರ್ಷಗಳ ನಂತರ ನಡೆಸಲಾಗುತ್ತಿದೆ. ಈ ಸಂದರ್ಭದಲ್ಲಿ ಅಪರ ಜಿಲ್ಲಾಧಿಕಾರಿ, ಉಪವಿಭಾಗಾಧಿಕಾರಿ, ಸಮಾಜ ಕಲ್ಯಾಣ ಇಲಾಖೆ ಜಂಟಿ ನಿರ್ದೇಶಕ ಕೃಷ್ಣಪ್ಪ, ಗಣತಿದಾರರು, ಪಾಲಿಕೆ ಆಯುಕ್ತರು, ಸಮುದಾಯದ ಮುಖಂಡರು, ಸಾರ್ವಜನಿಕರು ಉಪಸ್ಥಿತರಿದ್ದರು.
